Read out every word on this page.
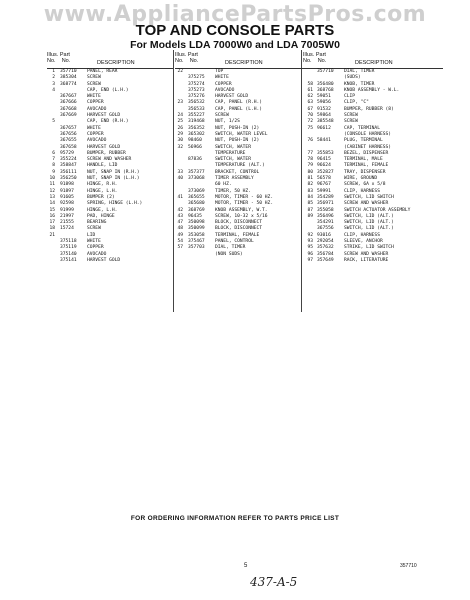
www.AppliancePartsPros.com
TOP AND CONSOLE PARTS
For Models LDA 7000W0 and LDA 7005W0
Illus. Part
No. No.	DESCRIPTION
1 357710 PANEL, REAR
2 385304 SCREW
3 368774 SCREW
4	CAP, END (L.H.)
367667 WHITE
367666 COPPER
367668 AVOCADO
367669 HARVEST GOLD
5	CAP, END (R.H.)
367657 WHITE
367656 COPPER
367655 AVOCADO
367658 HARVEST GOLD
6 95729	BUMPER, RUBBER
7 355224 SCREW AND WASHER
8 358847 HANDLE, LID
9 356111 NUT, SNAP IN (R.H.)
10 356250 NUT, SNAP IN (L.H.)
11 91898	HINGE, R.H.
12 91897	HINGE, L.H.
13 91605	BUMPER (2)
14 92598	SPRING, HINGE (L.H.)
15 91999	HINGE, L.H.
16 21997	PAD, HINGE
17 21555	BEARING
18 15724	SCREW
21	LID
375118 WHITE
375119 COPPER
375140 AVOCADO
375141 HARVEST GOLD
Illus. Part
No. No.	DESCRIPTION
22	TOP
375275 WHITE
375274 COPPER
375273 AVOCADO
375276 HARVEST GOLD
23 356532 CAP, PANEL (R.H.)
356533 CAP, PANEL (L.H.)
24 355227 SCREW
25 319468 NUT, 1/2S
26 356352 NUT, PUSH-IN (2)
29 365302 SWITCH, WATER LEVEL
30 98460	NUT, PUSH-IN (2)
32 56966	SWITCH, WATER
TEMPERATURE
87836	SWITCH, WATER
TEMPERATURE (ALT.)
33 357377 BRACKET, CONTROL
40 373068 TIMER ASSEMBLY
60 HZ.
373069 TIMER, 50 HZ.
41 365655 MOTOR, TIMER - 60 HZ.
365680 MOTOR, TIMER - 50 HZ.
42 368769 KNOB ASSEMBLY, W.T.
43 96435	SCREW, 10-32 x 5/16
47 350098 BLOCK, DISCONNECT
48 350099 BLOCK, DISCONNECT
49 353058 TERMINAL, FEMALE
54 375467 PANEL, CONTROL
57 357703 DIAL, TIMER
(NON SUDS)
Illus. Part
No. No.	DESCRIPTION
357710 DIAL, TIMER
(SUDS)
58 356480 KNOB, TIMER
61 368768 KNOB ASSEMBLY - W.L.
62 59051	CLIP
63 59056	CLIP, "C"
67 91532	BUMPER, RUBBER (8)
70 59864	SCREW
72 385548 SCREW
75 96612	CAP, TERMINAL
(CONSOLE HARNESS)
76 58441	PLUG, TERMINAL
(CABINET HARNESS)
77 355853 BEZEL, DISPENSER
78 96415	TERMINAL, MALE
79 96624	TERMINAL, FEMALE
80 352827 TRAY, DISPENSER
81 56578	WIRE, GROUND
82 96767	SCREW, 6A x 5/8
83 59991	CLIP, HARNESS
84 354289 SWITCH, LID SWITCH
85 356971 SCREW AND WASHER
87 355058 SWITCH ACTUATOR ASSEMBLY
89 356496 SWITCH, LID (ALT.)
354291 SWITCH, LID (ALT.)
367556 SWITCH, LID (ALT.)
92 93016	CLIP, HARNESS
93 292054 SLEEVE, ANCHOR
95 357632 STRIKE, LID SWITCH
96 356784 SCREW AND WASHER
97 357649 RACK, LITERATURE
FOR ORDERING INFORMATION REFER TO PARTS PRICE LIST
5	357710
437-A-5
